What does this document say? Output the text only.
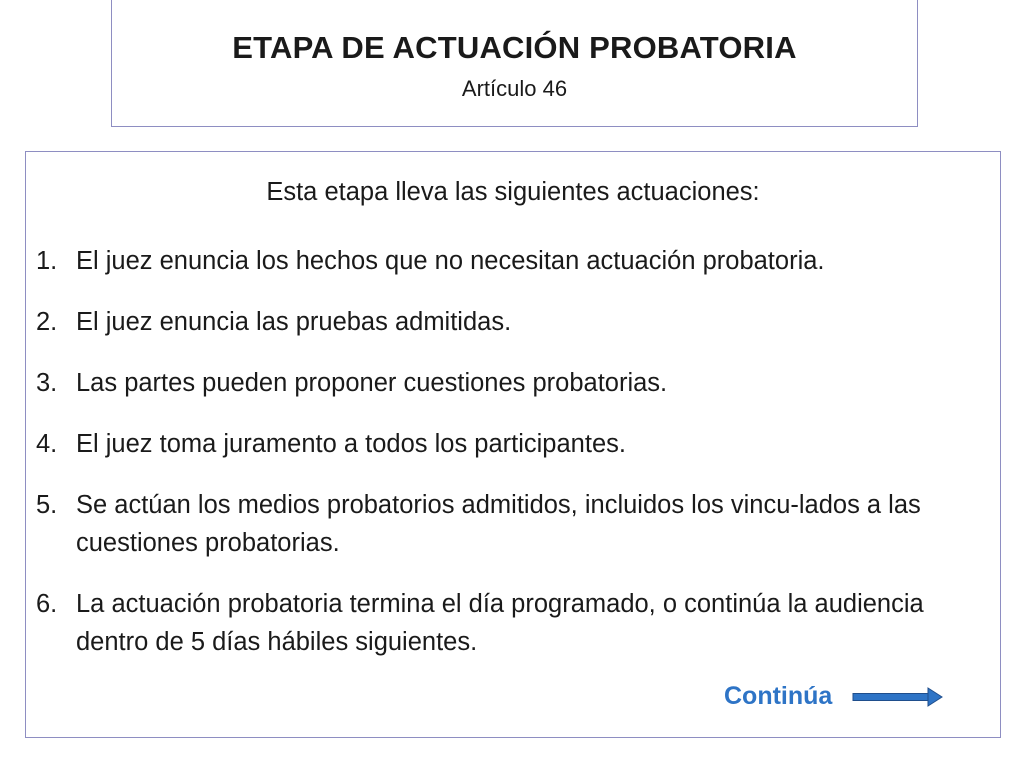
ETAPA DE ACTUACIÓN PROBATORIA
Artículo 46
Esta etapa lleva las siguientes actuaciones:
1. El juez enuncia los hechos que no necesitan actuación probatoria.
2. El juez enuncia las pruebas admitidas.
3. Las partes pueden proponer cuestiones probatorias.
4. El juez toma juramento a todos los participantes.
5. Se actúan los medios probatorios admitidos, incluidos los vincu-lados a las cuestiones probatorias.
6. La actuación probatoria termina el día programado, o continúa la audiencia dentro de 5 días hábiles siguientes.
Continúa
